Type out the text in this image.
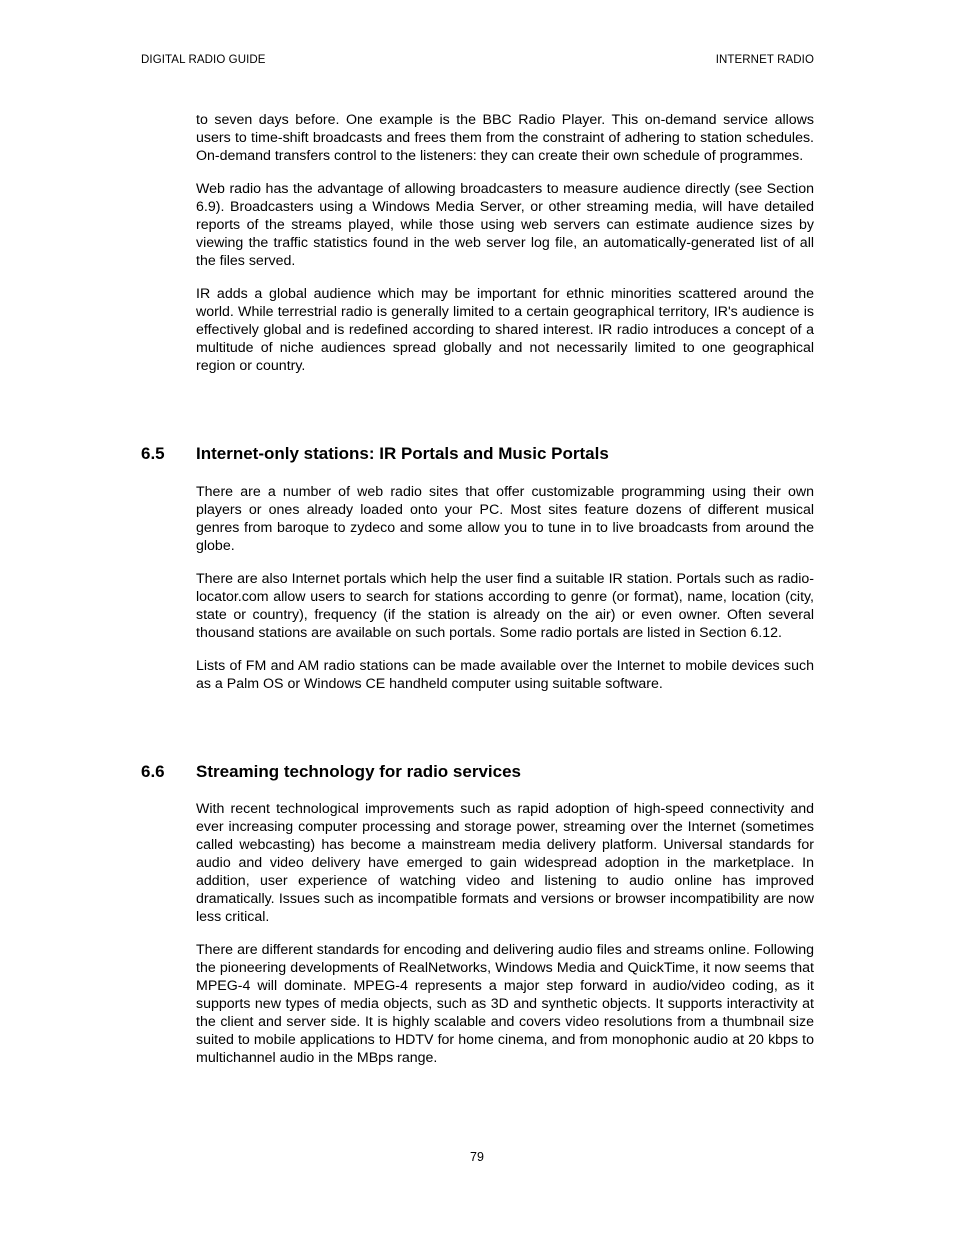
DIGITAL RADIO GUIDE	INTERNET RADIO

to seven days before. One example is the BBC Radio Player. This on-demand service allows users to time-shift broadcasts and frees them from the constraint of adhering to station schedules. On-demand transfers control to the listeners: they can create their own schedule of programmes.

Web radio has the advantage of allowing broadcasters to measure audience directly (see Section 6.9). Broadcasters using a Windows Media Server, or other streaming media, will have detailed reports of the streams played, while those using web servers can estimate audience sizes by viewing the traffic statistics found in the web server log file, an automatically-generated list of all the files served.

IR adds a global audience which may be important for ethnic minorities scattered around the world. While terrestrial radio is generally limited to a certain geographical territory, IR's audience is effectively global and is redefined according to shared interest. IR radio introduces a concept of a multitude of niche audiences spread globally and not necessarily limited to one geographical region or country.

6.5 Internet-only stations: IR Portals and Music Portals

There are a number of web radio sites that offer customizable programming using their own players or ones already loaded onto your PC. Most sites feature dozens of different musical genres from baroque to zydeco and some allow you to tune in to live broadcasts from around the globe.

There are also Internet portals which help the user find a suitable IR station. Portals such as radio-locator.com allow users to search for stations according to genre (or format), name, location (city, state or country), frequency (if the station is already on the air) or even owner. Often several thousand stations are available on such portals. Some radio portals are listed in Section 6.12.

Lists of FM and AM radio stations can be made available over the Internet to mobile devices such as a Palm OS or Windows CE handheld computer using suitable software.

6.6 Streaming technology for radio services

With recent technological improvements such as rapid adoption of high-speed connectivity and ever increasing computer processing and storage power, streaming over the Internet (sometimes called webcasting) has become a mainstream media delivery platform. Universal standards for audio and video delivery have emerged to gain widespread adoption in the marketplace. In addition, user experience of watching video and listening to audio online has improved dramatically. Issues such as incompatible formats and versions or browser incompatibility are now less critical.

There are different standards for encoding and delivering audio files and streams online. Following the pioneering developments of RealNetworks, Windows Media and QuickTime, it now seems that MPEG-4 will dominate. MPEG-4 represents a major step forward in audio/video coding, as it supports new types of media objects, such as 3D and synthetic objects. It supports interactivity at the client and server side. It is highly scalable and covers video resolutions from a thumbnail size suited to mobile applications to HDTV for home cinema, and from monophonic audio at 20 kbps to multichannel audio in the MBps range.

79
